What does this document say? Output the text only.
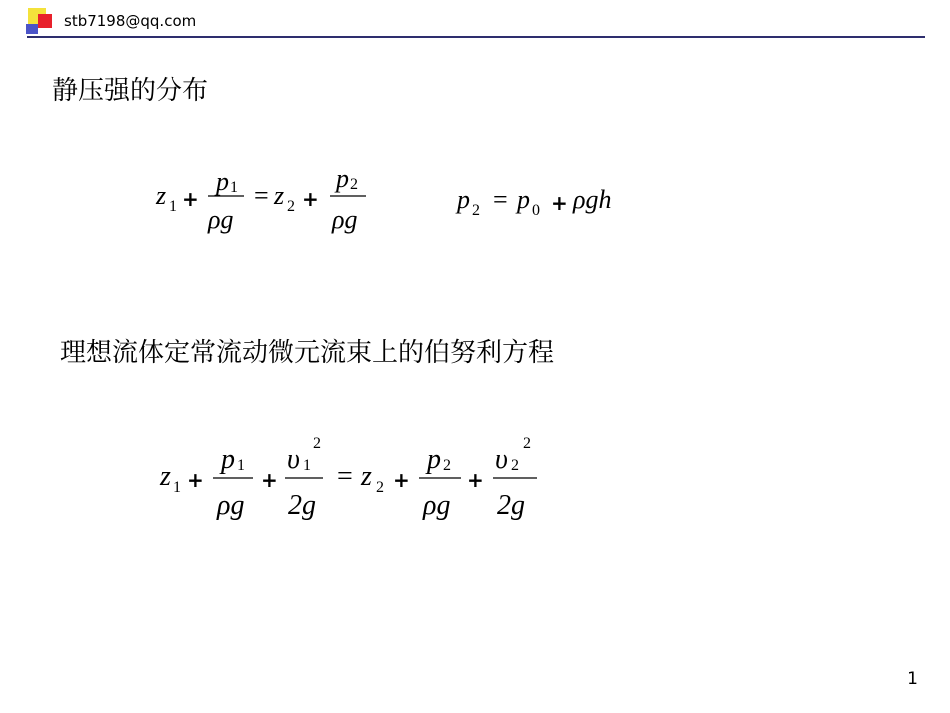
stb7198@qq.com
静压强的分布
z 1 +
p 1
ρg
= z 2 +
p 2
ρg
p 2 = p 0 + ρgh
理想流体定常流动微元流束上的伯努利方程
z 1 +
p 1
ρg
+
υ 1
2
2g
= z 2 +
p 2
ρg
+
υ 2
2
2g
1
